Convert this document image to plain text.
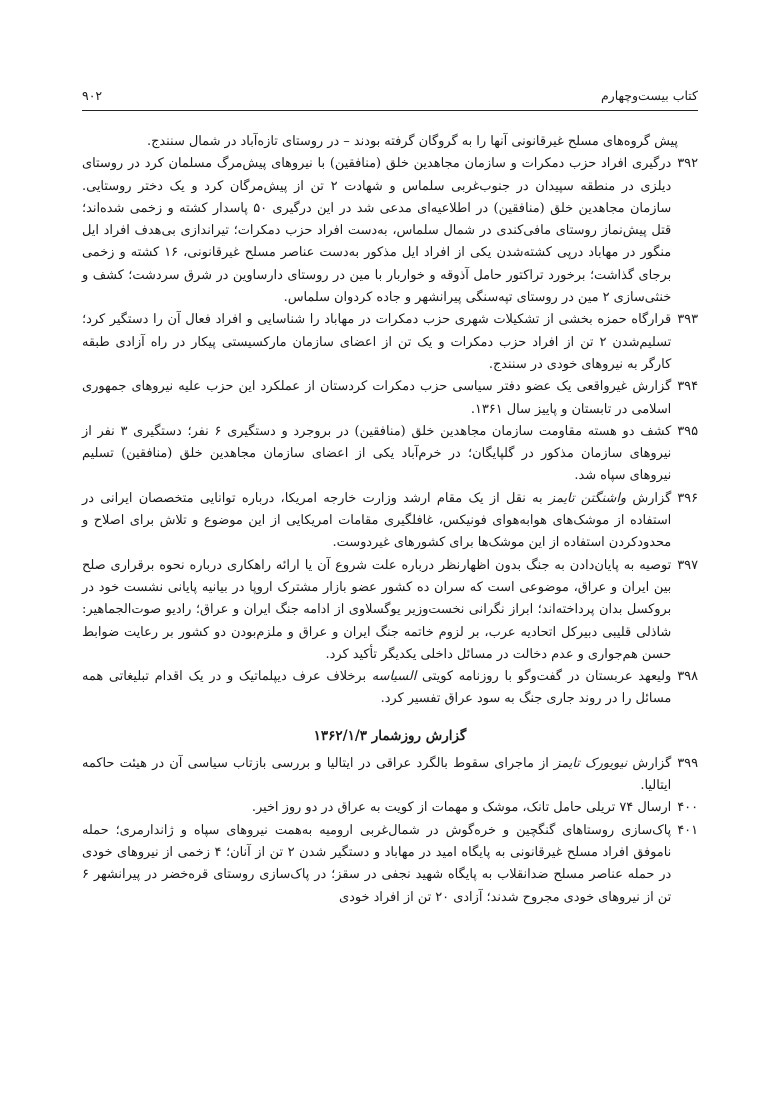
کتاب بیست‌وچهارم
۹۰۲
پیش گروه‌های مسلح غیرقانونی آنها را به گروگان گرفته بودند – در روستای تازه‌آباد در شمال سنندج.
۳۹۲
درگیری افراد حزب دمکرات و سازمان مجاهدین خلق (منافقین) با نیروهای پیش‌مرگ مسلمان کرد در روستای دیلزی در منطقه سپیدان در جنوب‌غربی سلماس و شهادت ۲ تن از پیش‌مرگان کرد و یک دختر روستایی. سازمان مجاهدین خلق (منافقین) در اطلاعیه‌ای مدعی شد در این درگیری ۵۰ پاسدار کشته و زخمی شده‌اند؛ قتل پیش‌نماز روستای مافی‌کندی در شمال سلماس، به‌دست افراد حزب دمکرات؛ تیراندازی بی‌هدف افراد ایل منگور در مهاباد درپی کشته‌شدن یکی از افراد ایل مذکور به‌دست عناصر مسلح غیرقانونی، ۱۶ کشته و زخمی برجای گذاشت؛ برخورد تراکتور حامل آذوقه و خواربار با مین در روستای دارساوین در شرق سردشت؛ کشف و خنثی‌سازی ۲ مین در روستای تپه‌سنگی پیرانشهر و جاده کردوان سلماس.
۳۹۳
قرارگاه حمزه بخشی از تشکیلات شهری حزب دمکرات در مهاباد را شناسایی و افراد فعال آن را دستگیر کرد؛ تسلیم‌شدن ۲ تن از افراد حزب دمکرات و یک تن از اعضای سازمان مارکسیستی پیکار در راه آزادی طبقه کارگر به نیروهای خودی در سنندج.
۳۹۴
گزارش غیرواقعی یک عضو دفتر سیاسی حزب دمکرات کردستان از عملکرد این حزب علیه نیروهای جمهوری اسلامی در تابستان و پاییز سال ۱۳۶۱.
۳۹۵
کشف دو هسته مقاومت سازمان مجاهدین خلق (منافقین) در بروجرد و دستگیری ۶ نفر؛ دستگیری ۳ نفر از نیروهای سازمان مذکور در گلپایگان؛ در خرم‌آباد یکی از اعضای سازمان مجاهدین خلق (منافقین) تسلیم نیروهای سپاه شد.
۳۹۶
گزارش واشنگتن تایمز به نقل از یک مقام ارشد وزارت خارجه امریکا، درباره توانایی متخصصان ایرانی در استفاده از موشک‌های هوابه‌هوای فونیکس، غافلگیری مقامات امریکایی از این موضوع و تلاش برای اصلاح و محدودکردن استفاده از این موشک‌ها برای کشورهای غیردوست.
۳۹۷
توصیه به پایان‌دادن به جنگ بدون اظهارنظر درباره علت شروع آن یا ارائه راهکاری درباره نحوه برقراری صلح بین ایران و عراق، موضوعی است که سران ده کشور عضو بازار مشترک اروپا در بیانیه پایانی نشست خود در بروکسل بدان پرداخته‌اند؛ ابراز نگرانی نخست‌وزیر یوگسلاوی از ادامه جنگ ایران و عراق؛ رادیو صوت‌الجماهیر: شاذلی قلیبی دبیرکل اتحادیه عرب، بر لزوم خاتمه جنگ ایران و عراق و ملزم‌بودن دو کشور بر رعایت ضوابط حسن هم‌جواری و عدم دخالت در مسائل داخلی یکدیگر تأکید کرد.
۳۹۸
ولیعهد عربستان در گفت‌وگو با روزنامه کویتی السیاسه برخلاف عرف دیپلماتیک و در یک اقدام تبلیغاتی همه مسائل را در روند جاری جنگ به سود عراق تفسیر کرد.
گزارش روزشمار ۱۳۶۲/۱/۳
۳۹۹
گزارش نیویورک تایمز از ماجرای سقوط بالگرد عراقی در ایتالیا و بررسی بازتاب سیاسی آن در هیئت حاکمه ایتالیا.
۴۰۰
ارسال ۷۴ تریلی حامل تانک، موشک و مهمات از کویت به عراق در دو روز اخیر.
۴۰۱
پاک‌سازی روستاهای گنگچین و خره‌گوش در شمال‌غربی ارومیه به‌همت نیروهای سپاه و ژاندارمری؛ حمله ناموفق افراد مسلح غیرقانونی به پایگاه امید در مهاباد و دستگیر شدن ۲ تن از آنان؛ ۴ زخمی از نیروهای خودی در حمله عناصر مسلح ضدانقلاب به پایگاه شهید نجفی در سقز؛ در پاک‌سازی روستای قره‌خضر در پیرانشهر ۶ تن از نیروهای خودی مجروح شدند؛ آزادی ۲۰ تن از افراد خودی
